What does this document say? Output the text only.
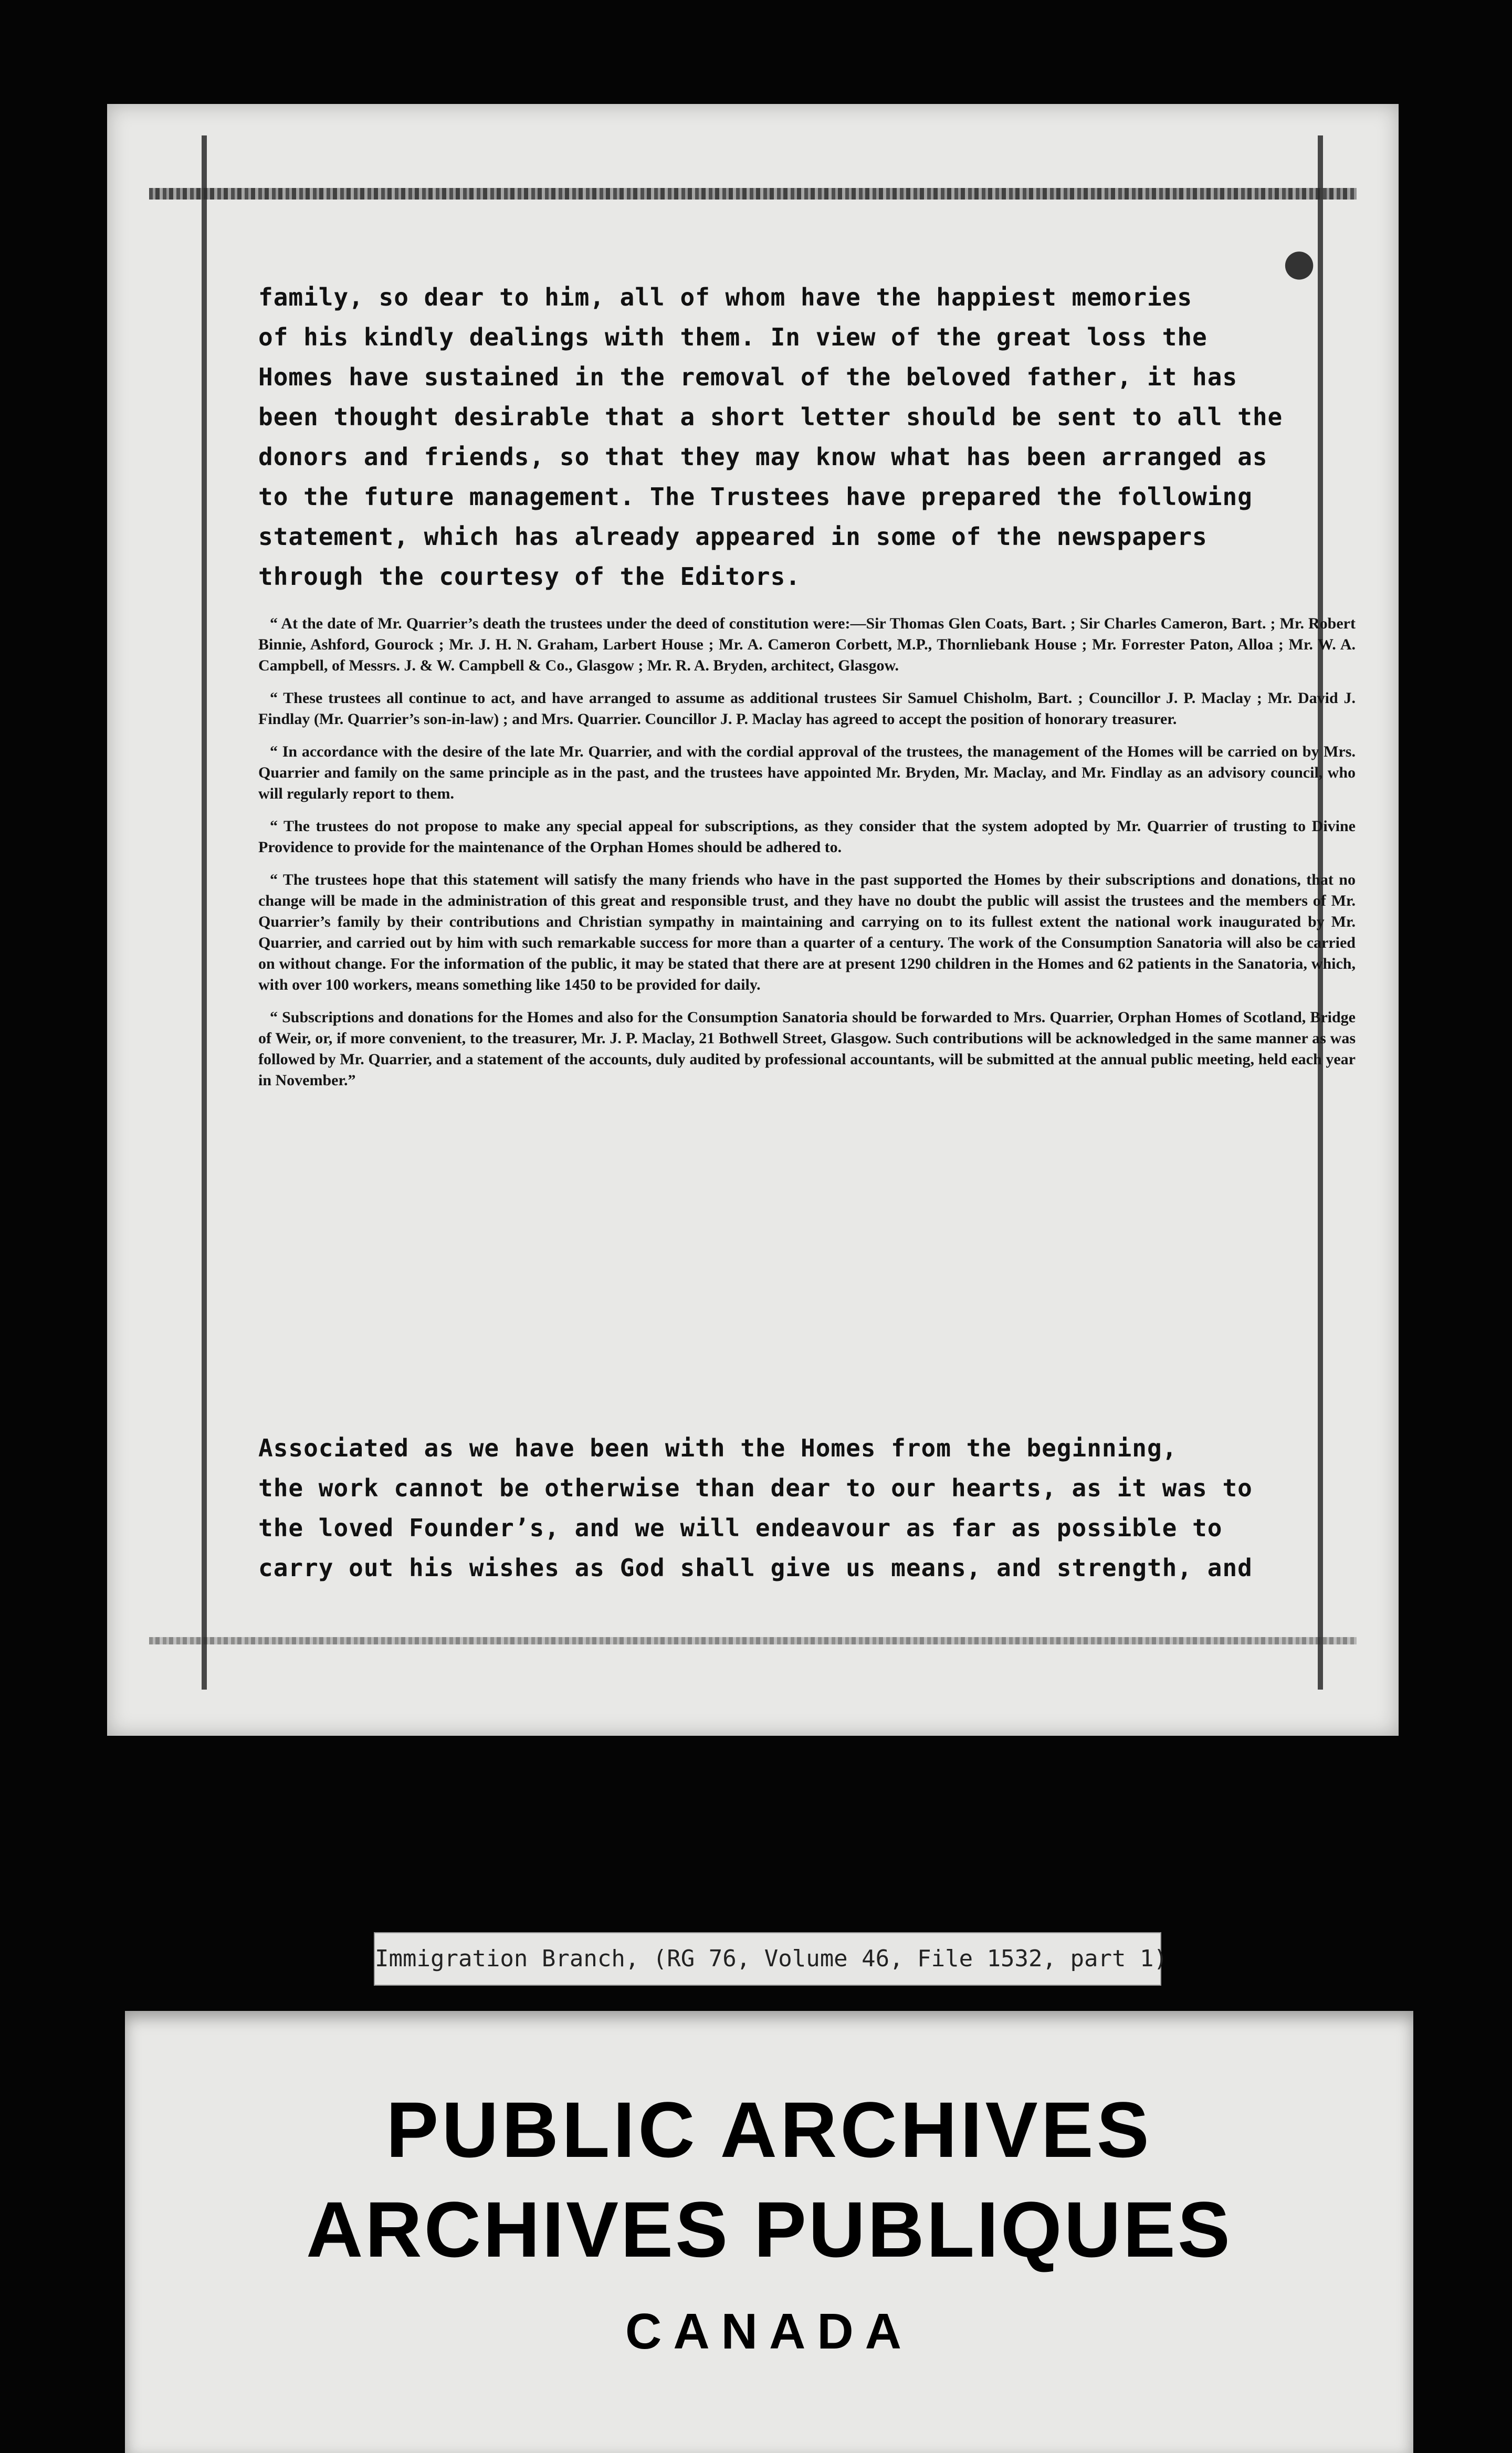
●
family, so dear to him, all of whom have the happiest memories
of his kindly dealings with them. In view of the great loss the
Homes have sustained in the removal of the beloved father, it has
been thought desirable that a short letter should be sent to all the
donors and friends, so that they may know what has been arranged as
to the future management. The Trustees have prepared the following
statement, which has already appeared in some of the newspapers
through the courtesy of the Editors.

“ At the date of Mr. Quarrier’s death the trustees under the deed of constitution were:—Sir Thomas Glen Coats, Bart. ; Sir Charles Cameron, Bart. ; Mr. Robert Binnie, Ashford, Gourock ; Mr. J. H. N. Graham, Larbert House ; Mr. A. Cameron Corbett, M.P., Thornliebank House ; Mr. Forrester Paton, Alloa ; Mr. W. A. Campbell, of Messrs. J. & W. Campbell & Co., Glasgow ; Mr. R. A. Bryden, architect, Glasgow.

“ These trustees all continue to act, and have arranged to assume as additional trustees Sir Samuel Chisholm, Bart. ; Councillor J. P. Maclay ; Mr. David J. Findlay (Mr. Quarrier’s son-in-law) ; and Mrs. Quarrier. Councillor J. P. Maclay has agreed to accept the position of honorary treasurer.

“ In accordance with the desire of the late Mr. Quarrier, and with the cordial approval of the trustees, the management of the Homes will be carried on by Mrs. Quarrier and family on the same principle as in the past, and the trustees have appointed Mr. Bryden, Mr. Maclay, and Mr. Findlay as an advisory council, who will regularly report to them.

“ The trustees do not propose to make any special appeal for subscriptions, as they consider that the system adopted by Mr. Quarrier of trusting to Divine Providence to provide for the maintenance of the Orphan Homes should be adhered to.

“ The trustees hope that this statement will satisfy the many friends who have in the past supported the Homes by their subscriptions and donations, that no change will be made in the administration of this great and responsible trust, and they have no doubt the public will assist the trustees and the members of Mr. Quarrier’s family by their contributions and Christian sympathy in maintaining and carrying on to its fullest extent the national work inaugurated by Mr. Quarrier, and carried out by him with such remarkable success for more than a quarter of a century. The work of the Consumption Sanatoria will also be carried on without change. For the information of the public, it may be stated that there are at present 1290 children in the Homes and 62 patients in the Sanatoria, which, with over 100 workers, means something like 1450 to be provided for daily.

“ Subscriptions and donations for the Homes and also for the Consumption Sanatoria should be forwarded to Mrs. Quarrier, Orphan Homes of Scotland, Bridge of Weir, or, if more convenient, to the treasurer, Mr. J. P. Maclay, 21 Bothwell Street, Glasgow. Such contributions will be acknowledged in the same manner as was followed by Mr. Quarrier, and a statement of the accounts, duly audited by professional accountants, will be submitted at the annual public meeting, held each year in November.”

Associated as we have been with the Homes from the beginning,
the work cannot be otherwise than dear to our hearts, as it was to
the loved Founder’s, and we will endeavour as far as possible to
carry out his wishes as God shall give us means, and strength, and
Immigration Branch, (RG 76, Volume 46, File 1532, part 1)
PUBLIC ARCHIVES
ARCHIVES PUBLIQUES
CANADA
